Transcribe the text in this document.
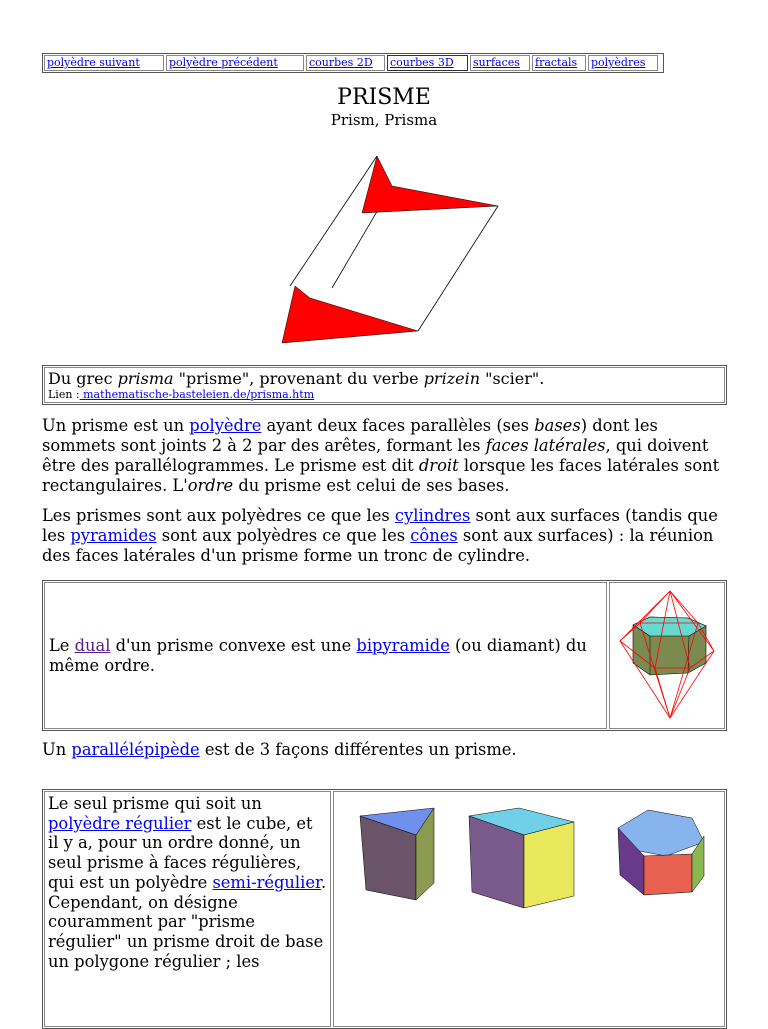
polyèdre suivant	polyèdre précédent	courbes 2D	courbes 3D	surfaces	fractals	polyèdres
PRISME
Prism, Prisma
Du grec prisma "prisme", provenant du verbe prizein "scier".
Lien : mathematische-basteleien.de/prisma.htm

Un prisme est un polyèdre ayant deux faces parallèles (ses bases) dont les sommets sont joints 2 à 2 par des arêtes, formant les faces latérales, qui doivent être des parallélogrammes. Le prisme est dit droit lorsque les faces latérales sont rectangulaires. L'ordre du prisme est celui de ses bases.

Les prismes sont aux polyèdres ce que les cylindres sont aux surfaces (tandis que les pyramides sont aux polyèdres ce que les cônes sont aux surfaces) : la réunion des faces latérales d'un prisme forme un tronc de cylindre.

Le dual d'un prisme convexe est une bipyramide (ou diamant) du même ordre.

Un parallélépipède est de 3 façons différentes un prisme.

Le seul prisme qui soit un polyèdre régulier est le cube, et il y a, pour un ordre donné, un seul prisme à faces régulières, qui est un polyèdre semi-régulier. Cependant, on désigne couramment par "prisme régulier" un prisme droit de base un polygone régulier ; les
